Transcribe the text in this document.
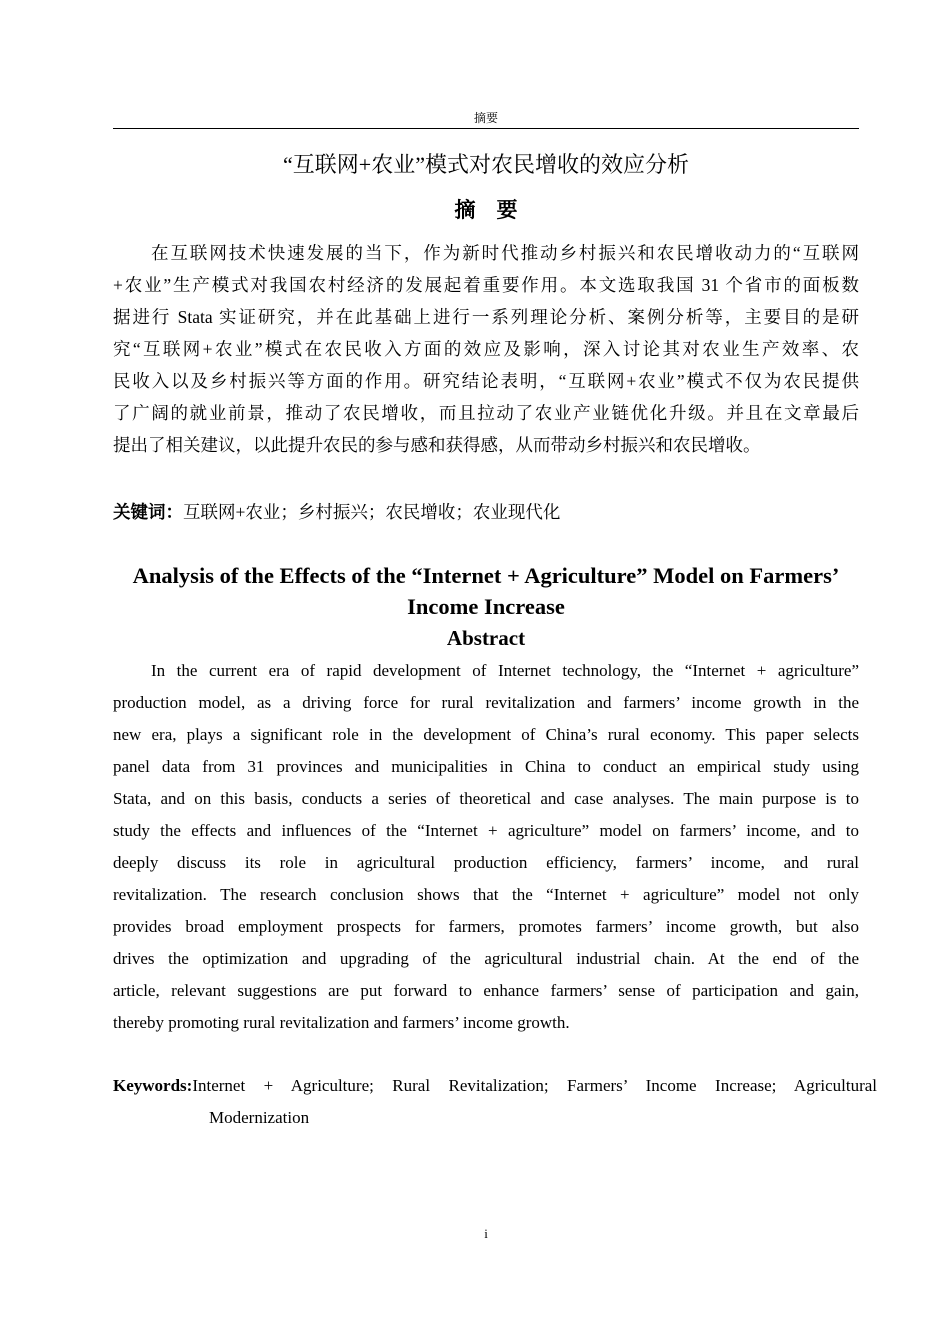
摘要
“互联网+农业”模式对农民增收的效应分析
摘　要
在互联网技术快速发展的当下，作为新时代推动乡村振兴和农民增收动力的“互联网
+农业”生产模式对我国农村经济的发展起着重要作用。本文选取我国 31 个省市的面板数
据进行 Stata 实证研究，并在此基础上进行一系列理论分析、案例分析等，主要目的是研
究“互联网+农业”模式在农民收入方面的效应及影响，深入讨论其对农业生产效率、农
民收入以及乡村振兴等方面的作用。研究结论表明，“互联网+农业”模式不仅为农民提供
了广阔的就业前景，推动了农民增收，而且拉动了农业产业链优化升级。并且在文章最后
提出了相关建议，以此提升农民的参与感和获得感，从而带动乡村振兴和农民增收。
关键词：互联网+农业；乡村振兴；农民增收；农业现代化
Analysis of the Effects of the “Internet + Agriculture” Model on Farmers’
Income Increase
Abstract
In the current era of rapid development of Internet technology, the “Internet + agriculture”
production model, as a driving force for rural revitalization and farmers’ income growth in the
new era, plays a significant role in the development of China’s rural economy. This paper selects
panel data from 31 provinces and municipalities in China to conduct an empirical study using
Stata, and on this basis, conducts a series of theoretical and case analyses. The main purpose is to
study the effects and influences of the “Internet + agriculture” model on farmers’ income, and to
deeply discuss its role in agricultural production efficiency, farmers’ income, and rural
revitalization. The research conclusion shows that the “Internet + agriculture” model not only
provides broad employment prospects for farmers, promotes farmers’ income growth, but also
drives the optimization and upgrading of the agricultural industrial chain. At the end of the
article, relevant suggestions are put forward to enhance farmers’ sense of participation and gain,
thereby promoting rural revitalization and farmers’ income growth.
Keywords: Internet + Agriculture; Rural Revitalization; Farmers’ Income Increase; Agricultural
Modernization
i
